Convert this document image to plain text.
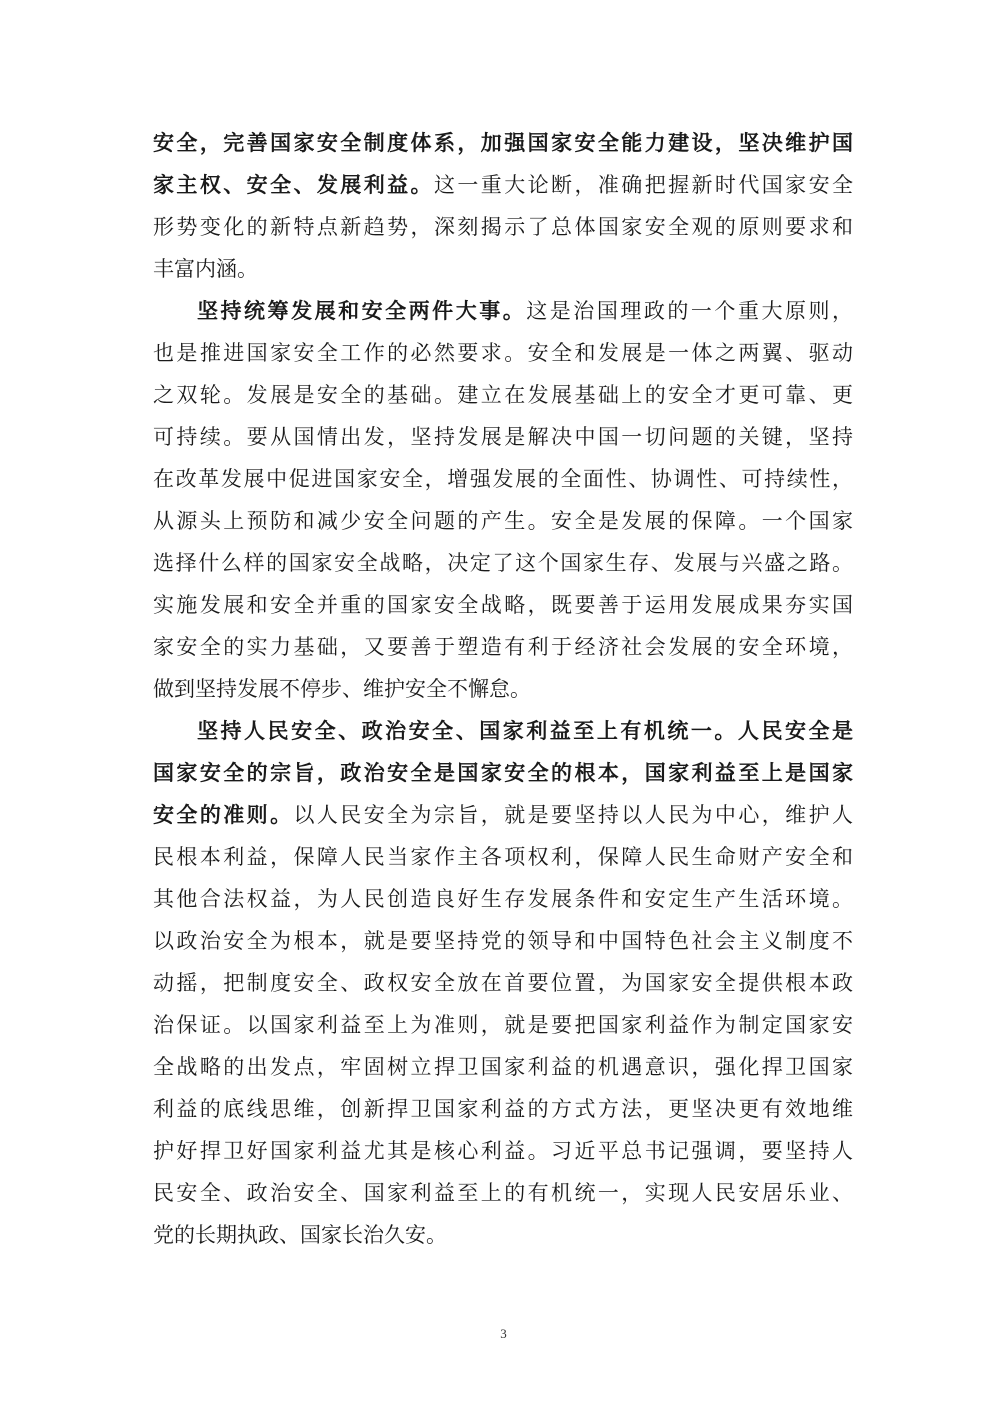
安全，完善国家安全制度体系，加强国家安全能力建设，坚决维护国
家主权、安全、发展利益。这一重大论断，准确把握新时代国家安全
形势变化的新特点新趋势，深刻揭示了总体国家安全观的原则要求和
丰富内涵。
坚持统筹发展和安全两件大事。这是治国理政的一个重大原则，
也是推进国家安全工作的必然要求。安全和发展是一体之两翼、驱动
之双轮。发展是安全的基础。建立在发展基础上的安全才更可靠、更
可持续。要从国情出发，坚持发展是解决中国一切问题的关键，坚持
在改革发展中促进国家安全，增强发展的全面性、协调性、可持续性，
从源头上预防和减少安全问题的产生。安全是发展的保障。一个国家
选择什么样的国家安全战略，决定了这个国家生存、发展与兴盛之路。
实施发展和安全并重的国家安全战略，既要善于运用发展成果夯实国
家安全的实力基础，又要善于塑造有利于经济社会发展的安全环境，
做到坚持发展不停步、维护安全不懈怠。
坚持人民安全、政治安全、国家利益至上有机统一。人民安全是
国家安全的宗旨，政治安全是国家安全的根本，国家利益至上是国家
安全的准则。以人民安全为宗旨，就是要坚持以人民为中心，维护人
民根本利益，保障人民当家作主各项权利，保障人民生命财产安全和
其他合法权益，为人民创造良好生存发展条件和安定生产生活环境。
以政治安全为根本，就是要坚持党的领导和中国特色社会主义制度不
动摇，把制度安全、政权安全放在首要位置，为国家安全提供根本政
治保证。以国家利益至上为准则，就是要把国家利益作为制定国家安
全战略的出发点，牢固树立捍卫国家利益的机遇意识，强化捍卫国家
利益的底线思维，创新捍卫国家利益的方式方法，更坚决更有效地维
护好捍卫好国家利益尤其是核心利益。习近平总书记强调，要坚持人
民安全、政治安全、国家利益至上的有机统一，实现人民安居乐业、
党的长期执政、国家长治久安。
3
